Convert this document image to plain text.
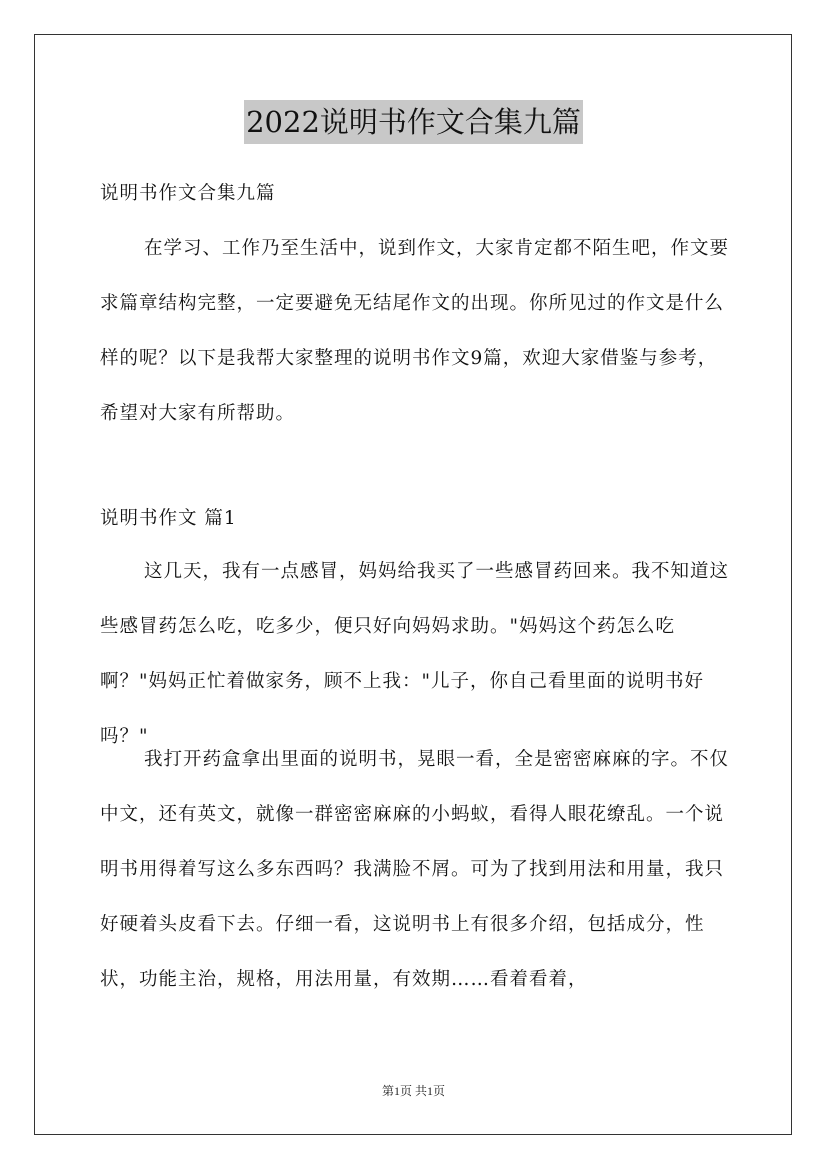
2022说明书作文合集九篇

说明书作文合集九篇

在学习、工作乃至生活中，说到作文，大家肯定都不陌生吧，作文要求篇章结构完整，一定要避免无结尾作文的出现。你所见过的作文是什么样的呢？以下是我帮大家整理的说明书作文9篇，欢迎大家借鉴与参考，希望对大家有所帮助。

说明书作文 篇1

这几天，我有一点感冒，妈妈给我买了一些感冒药回来。我不知道这些感冒药怎么吃，吃多少，便只好向妈妈求助。"妈妈这个药怎么吃啊？"妈妈正忙着做家务，顾不上我："儿子，你自己看里面的说明书好吗？"

我打开药盒拿出里面的说明书，晃眼一看，全是密密麻麻的字。不仅中文，还有英文，就像一群密密麻麻的小蚂蚁，看得人眼花缭乱。一个说明书用得着写这么多东西吗？我满脸不屑。可为了找到用法和用量，我只好硬着头皮看下去。仔细一看，这说明书上有很多介绍，包括成分，性状，功能主治，规格，用法用量，有效期……看着看着，

第1页 共1页
